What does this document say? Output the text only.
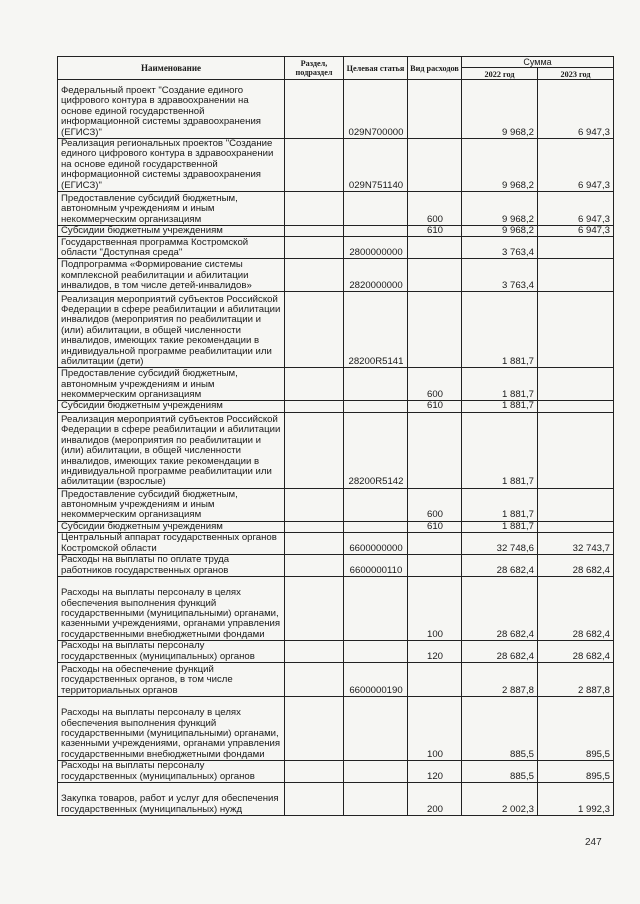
Наименование	Раздел, подраздел	Целевая статья	Вид расходов	Сумма	
				2022 год	2023 год
Федеральный проект "Создание единого цифрового контура в здравоохранении на основе единой государственной информационной системы здравоохранения (ЕГИСЗ)"		029N700000		9 968,2	6 947,3
Реализация региональных проектов "Создание единого цифрового контура в здравоохранении на основе единой государственной информационной системы здравоохранения (ЕГИСЗ)"		029N751140		9 968,2	6 947,3
Предоставление субсидий бюджетным, автономным учреждениям и иным некоммерческим организациям			600	9 968,2	6 947,3
Субсидии бюджетным учреждениям			610	9 968,2	6 947,3
Государственная программа Костромской области "Доступная среда"		2800000000		3 763,4	
Подпрограмма «Формирование системы комплексной реабилитации и абилитации инвалидов, в том числе детей-инвалидов»		2820000000		3 763,4	
Реализация мероприятий субъектов Российской Федерации в сфере реабилитации и абилитации инвалидов (мероприятия по реабилитации и (или) абилитации, в общей численности инвалидов, имеющих такие рекомендации в индивидуальной программе реабилитации или абилитации (дети)		28200R5141		1 881,7	
Предоставление субсидий бюджетным, автономным учреждениям и иным некоммерческим организациям			600	1 881,7	
Субсидии бюджетным учреждениям			610	1 881,7	
Реализация мероприятий субъектов Российской Федерации в сфере реабилитации и абилитации инвалидов (мероприятия по реабилитации и (или) абилитации, в общей численности инвалидов, имеющих такие рекомендации в индивидуальной программе реабилитации или абилитации (взрослые)		28200R5142		1 881,7	
Предоставление субсидий бюджетным, автономным учреждениям и иным некоммерческим организациям			600	1 881,7	
Субсидии бюджетным учреждениям			610	1 881,7	
Центральный аппарат государственных органов Костромской области		6600000000		32 748,6	32 743,7
Расходы на выплаты по оплате труда работников государственных органов		6600000110		28 682,4	28 682,4
Расходы на выплаты персоналу в целях обеспечения выполнения функций государственными (муниципальными) органами, казенными учреждениями, органами управления государственными внебюджетными фондами			100	28 682,4	28 682,4
Расходы на выплаты персоналу государственных (муниципальных) органов			120	28 682,4	28 682,4
Расходы на обеспечение функций государственных органов, в том числе территориальных органов		6600000190		2 887,8	2 887,8
Расходы на выплаты персоналу в целях обеспечения выполнения функций государственными (муниципальными) органами, казенными учреждениями, органами управления государственными внебюджетными фондами			100	885,5	895,5
Расходы на выплаты персоналу государственных (муниципальных) органов			120	885,5	895,5
Закупка товаров, работ и услуг для обеспечения государственных (муниципальных) нужд			200	2 002,3	1 992,3
247
